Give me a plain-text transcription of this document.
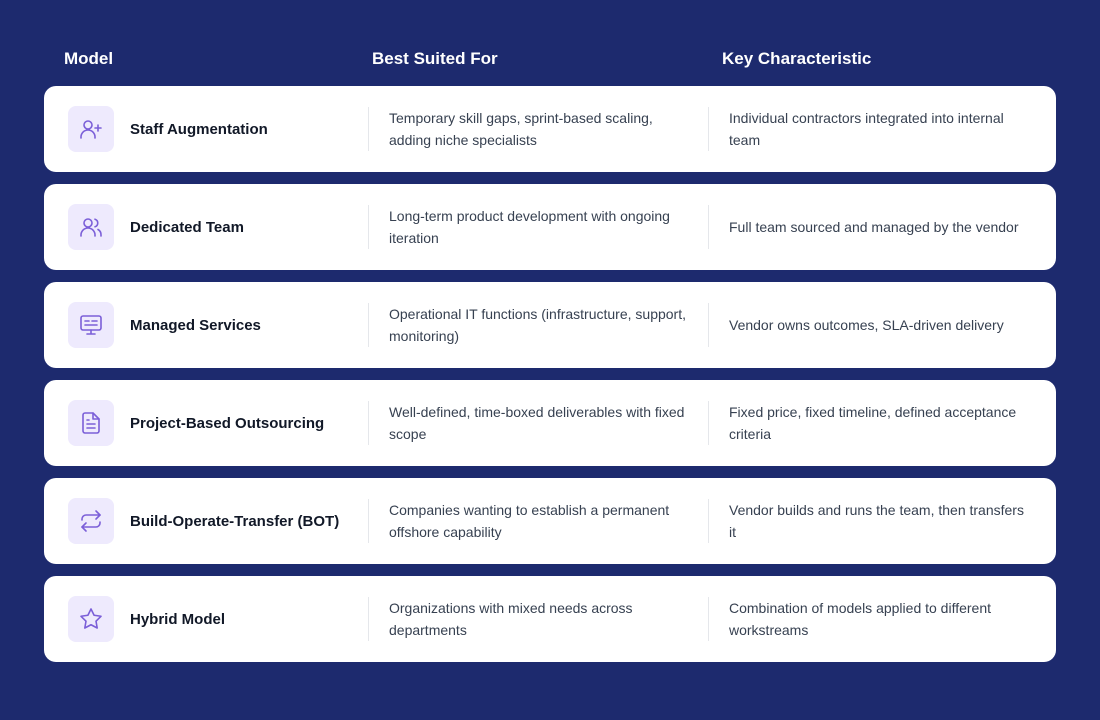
Model	Best Suited For	Key Characteristic
Staff Augmentation
Temporary skill gaps, sprint-based scaling, adding niche specialists
Individual contractors integrated into internal team
Dedicated Team
Long-term product development with ongoing iteration
Full team sourced and managed by the vendor
Managed Services
Operational IT functions (infrastructure, support, monitoring)
Vendor owns outcomes, SLA-driven delivery
Project-Based Outsourcing
Well-defined, time-boxed deliverables with fixed scope
Fixed price, fixed timeline, defined acceptance criteria
Build-Operate-Transfer (BOT)
Companies wanting to establish a permanent offshore capability
Vendor builds and runs the team, then transfers it
Hybrid Model
Organizations with mixed needs across departments
Combination of models applied to different workstreams
